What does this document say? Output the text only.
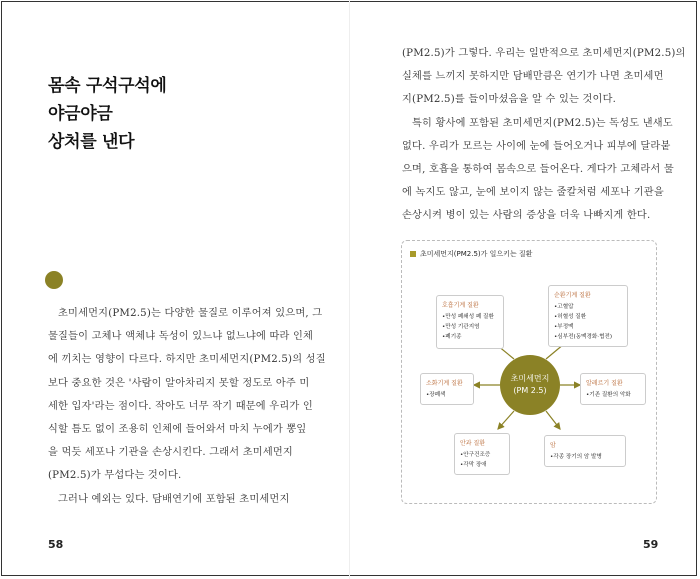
몸속 구석구석에
야금야금
상처를 낸다

초미세먼지(PM2.5)는 다양한 물질로 이루어져 있으며, 그
물질들이 고체나 액체냐 독성이 있느냐 없느냐에 따라 인체
에 끼치는 영향이 다르다. 하지만 초미세먼지(PM2.5)의 성질
보다 중요한 것은 '사람이 알아차리지 못할 정도로 아주 미
세한 입자'라는 점이다. 작아도 너무 작기 때문에 우리가 인
식할 틈도 없이 조용히 인체에 들어와서 마치 누에가 뽕잎
을 먹듯 세포나 기관을 손상시킨다. 그래서 초미세먼지
(PM2.5)가 무섭다는 것이다.

그러나 예외는 있다. 담배연기에 포함된 초미세먼지

58

(PM2.5)가 그렇다. 우리는 일반적으로 초미세먼지(PM2.5)의
실체를 느끼지 못하지만 담배만큼은 연기가 나면 초미세먼
지(PM2.5)를 들이마셨음을 알 수 있는 것이다.

특히 황사에 포함된 초미세먼지(PM2.5)는 독성도 낸새도
없다. 우리가 모르는 사이에 눈에 들어오거나 피부에 달라붙
으며, 호흡을 통하여 몸속으로 들어온다. 게다가 고체라서 물
에 녹지도 않고, 눈에 보이지 않는 줄칼처럼 세포나 기관을
손상시켜 병이 있는 사람의 증상을 더욱 나빠지게 한다.

초미세먼지(PM2.5)가 일으키는 질환
호흡기계 질환
•만성 폐쇄성 폐 질환
•만성 기관지염
•폐기종
순환기계 질환
•고혈압
•허혈성 질환
•부정맥
•심부전(동맥경화·협전)
소화기계 질환
•장폐색
알레르기 질환
•기존 질환의 악화
안과 질환
•안구건조증
•각막 장애
암
•각종 장기의 암 발병
초미세먼지
(PM 2.5)
59
